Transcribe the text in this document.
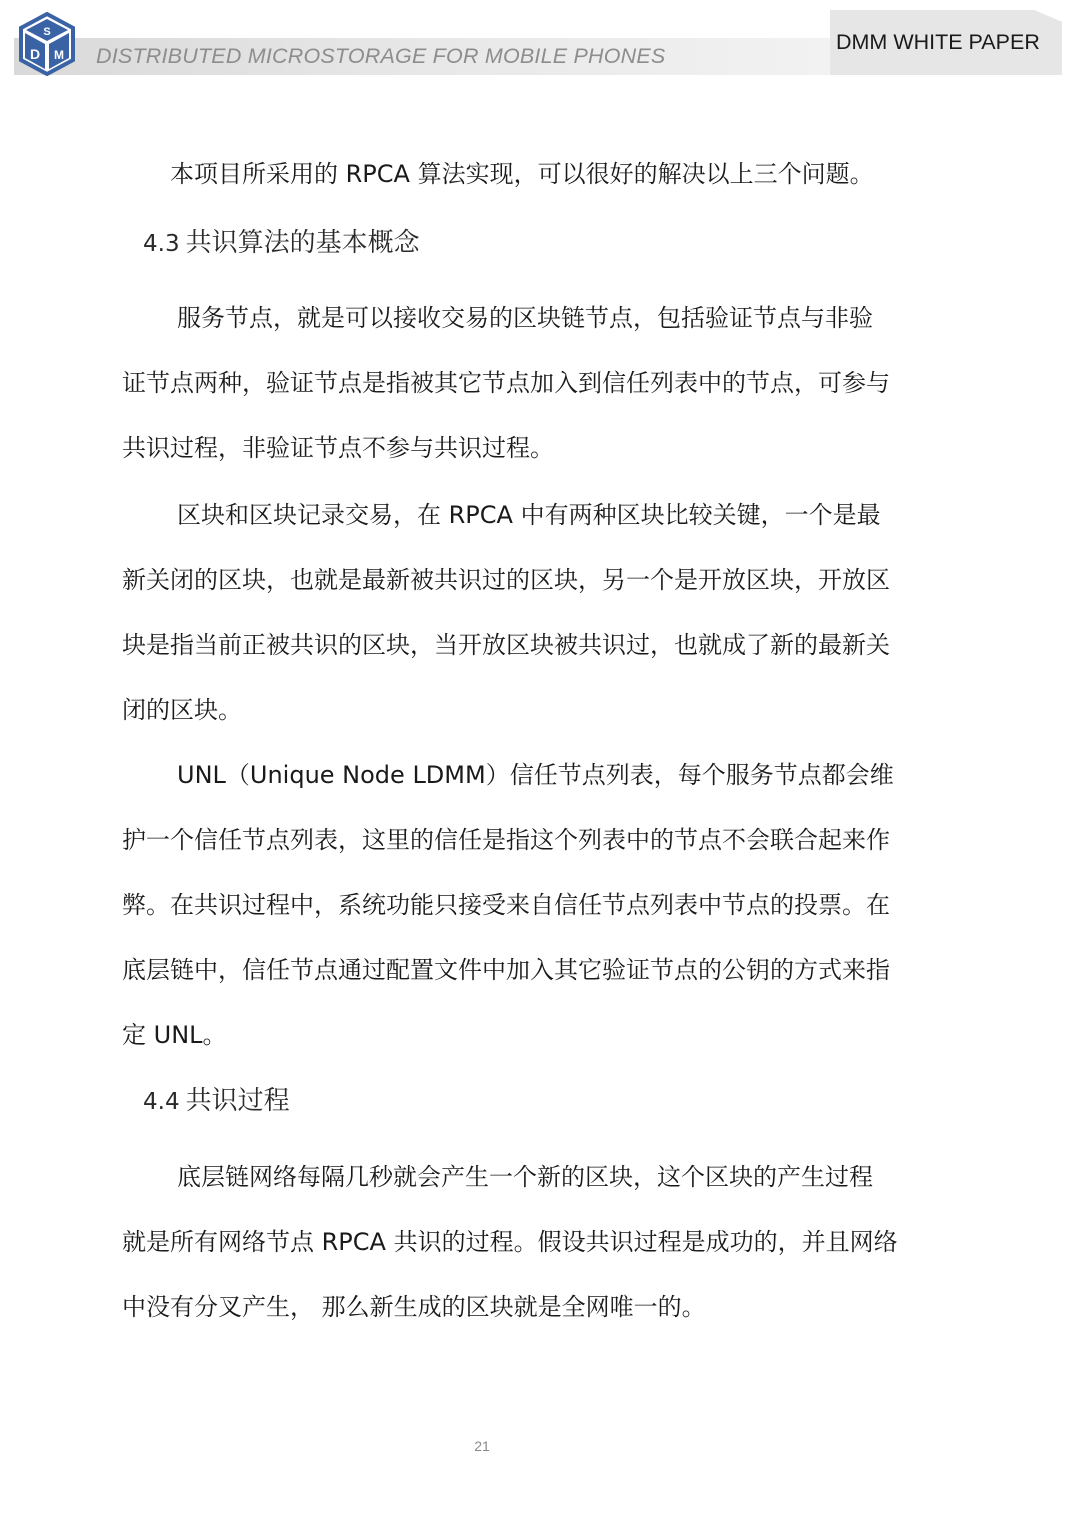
S
D M DISTRIBUTED MICROSTORAGE FOR MOBILE PHONES
DMM WHITE PAPER
本项目所采用的 RPCA 算法实现，可以很好的解决以上三个问题。
4.3 共识算法的基本概念
服务节点，就是可以接收交易的区块链节点，包括验证节点与非验
证节点两种，验证节点是指被其它节点加入到信任列表中的节点，可参与
共识过程，非验证节点不参与共识过程。
区块和区块记录交易，在 RPCA 中有两种区块比较关键，一个是最
新关闭的区块，也就是最新被共识过的区块，另一个是开放区块，开放区
块是指当前正被共识的区块，当开放区块被共识过，也就成了新的最新关
闭的区块。
UNL（Unique Node LDMM）信任节点列表，每个服务节点都会维
护一个信任节点列表，这里的信任是指这个列表中的节点不会联合起来作
弊。在共识过程中，系统功能只接受来自信任节点列表中节点的投票。在
底层链中，信任节点通过配置文件中加入其它验证节点的公钥的方式来指
定 UNL。
4.4 共识过程
底层链网络每隔几秒就会产生一个新的区块，这个区块的产生过程
就是所有网络节点 RPCA 共识的过程。假设共识过程是成功的，并且网络
中没有分叉产生， 那么新生成的区块就是全网唯一的。
21
